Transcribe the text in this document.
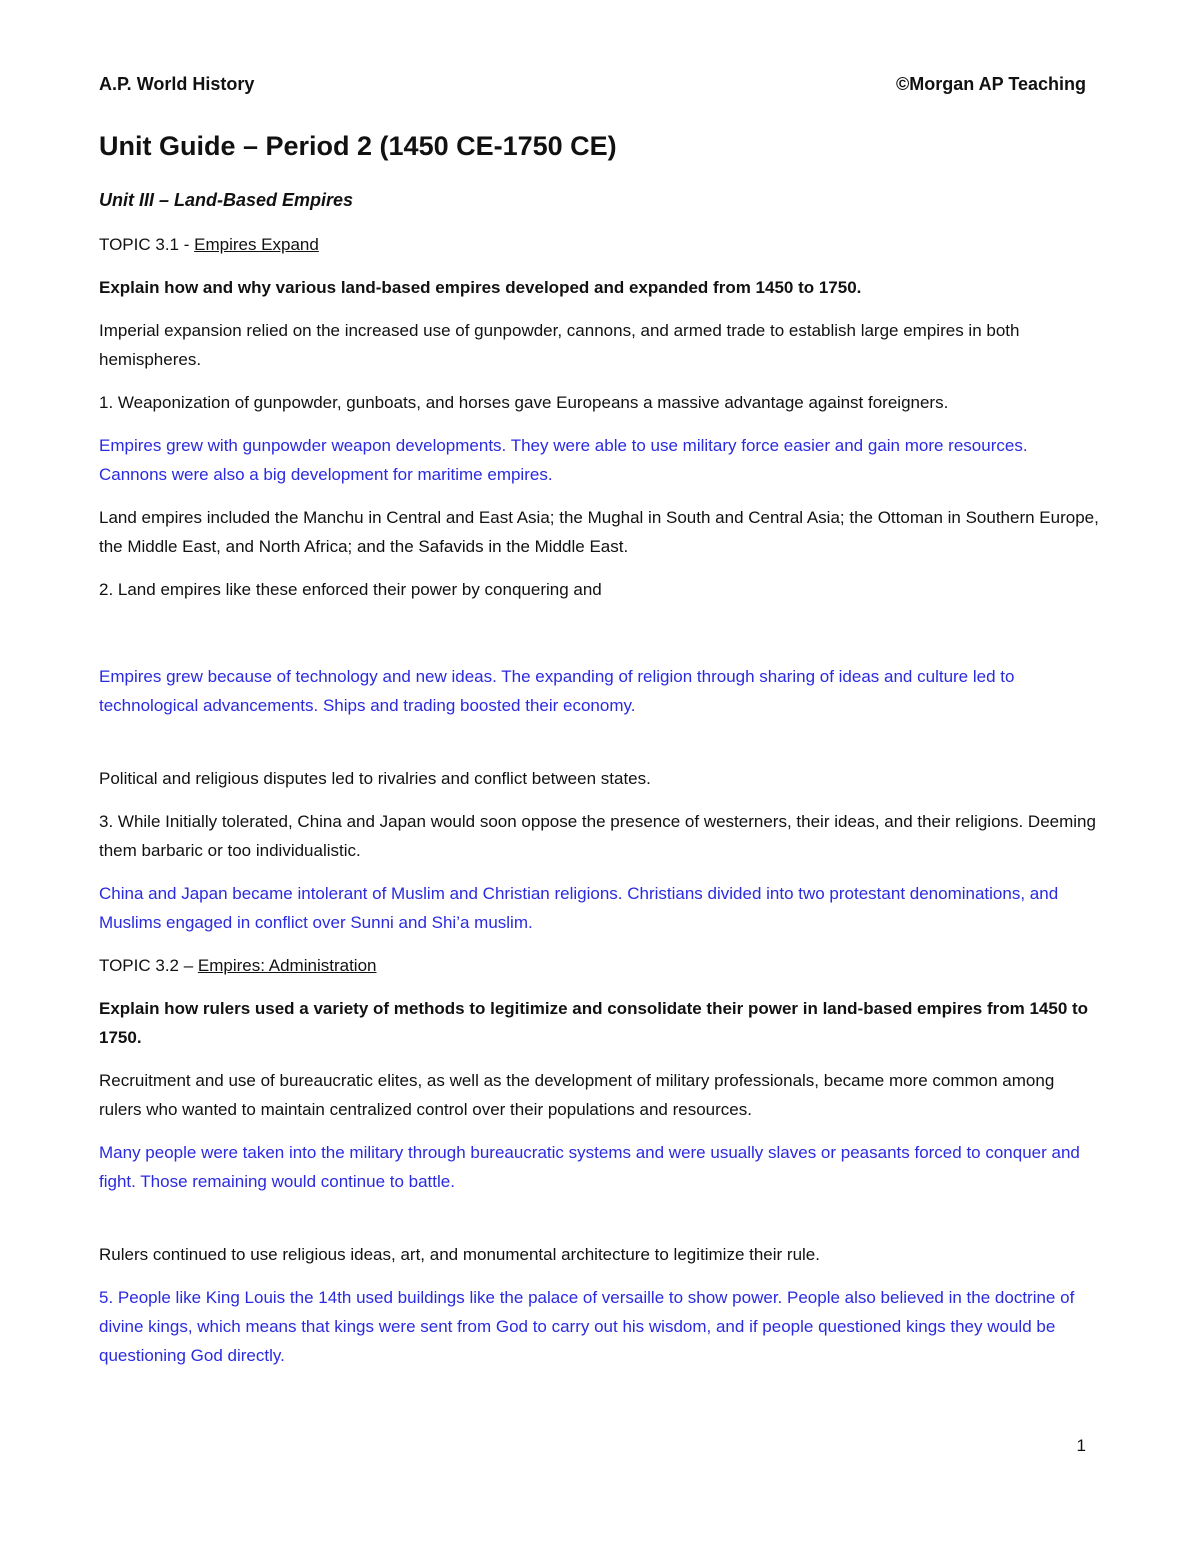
A.P. World History	©Morgan AP Teaching
Unit Guide – Period 2 (1450 CE-1750 CE)
Unit III – Land-Based Empires

TOPIC 3.1 - Empires Expand

Explain how and why various land-based empires developed and expanded from 1450 to 1750.

Imperial expansion relied on the increased use of gunpowder, cannons, and armed trade to establish large empires in both hemispheres.

1. Weaponization of gunpowder, gunboats, and horses gave Europeans a massive advantage against foreigners.

Empires grew with gunpowder weapon developments. They were able to use military force easier and gain more resources. Cannons were also a big development for maritime empires.

Land empires included the Manchu in Central and East Asia; the Mughal in South and Central Asia; the Ottoman in Southern Europe, the Middle East, and North Africa; and the Safavids in the Middle East.

2. Land empires like these enforced their power by conquering and

Empires grew because of technology and new ideas. The expanding of religion through sharing of ideas and culture led to technological advancements. Ships and trading boosted their economy.

Political and religious disputes led to rivalries and conflict between states.

3. While Initially tolerated, China and Japan would soon oppose the presence of westerners, their ideas, and their religions. Deeming them barbaric or too individualistic.

China and Japan became intolerant of Muslim and Christian religions. Christians divided into two protestant denominations, and Muslims engaged in conflict over Sunni and Shi’a muslim.

TOPIC 3.2 – Empires: Administration

Explain how rulers used a variety of methods to legitimize and consolidate their power in land-based empires from 1450 to 1750.

Recruitment and use of bureaucratic elites, as well as the development of military professionals, became more common among rulers who wanted to maintain centralized control over their populations and resources.

Many people were taken into the military through bureaucratic systems and were usually slaves or peasants forced to conquer and fight. Those remaining would continue to battle.

Rulers continued to use religious ideas, art, and monumental architecture to legitimize their rule.

5. People like King Louis the 14th used buildings like the palace of versaille to show power. People also believed in the doctrine of divine kings, which means that kings were sent from God to carry out his wisdom, and if people questioned kings they would be questioning God directly.

1
